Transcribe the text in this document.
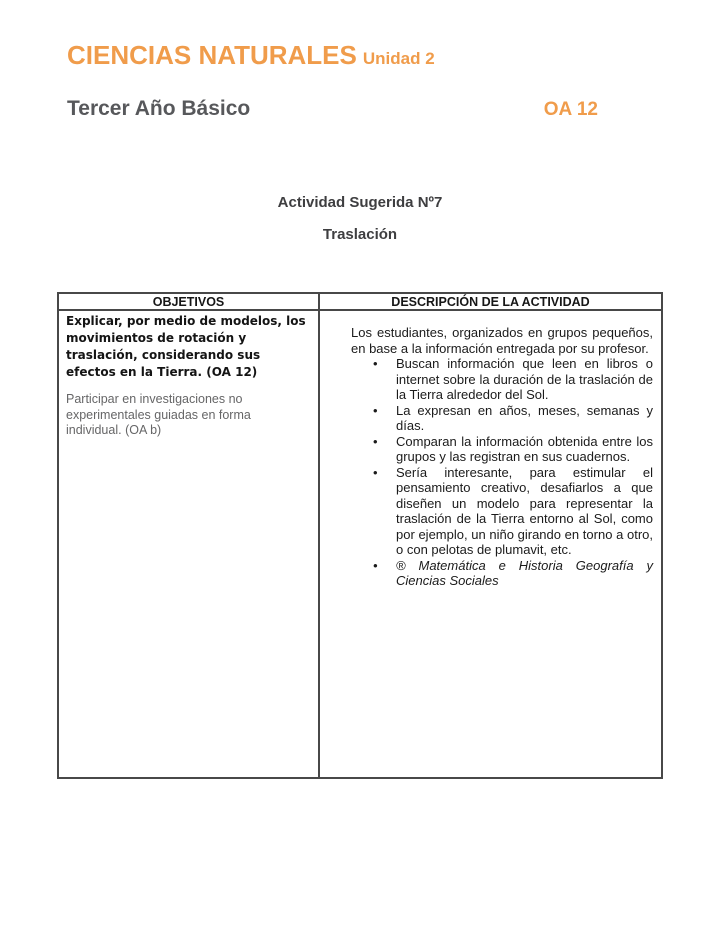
CIENCIAS NATURALES Unidad 2
Tercer Año Básico	OA 12
Actividad Sugerida Nº7
Traslación
OBJETIVOS	DESCRIPCIÓN DE LA ACTIVIDAD

Explicar, por medio de modelos, los movimientos de rotación y traslación, considerando sus efectos en la Tierra. (OA 12)

Participar en investigaciones no experimentales guiadas en forma individual. (OA b)

Los estudiantes, organizados en grupos pequeños, en base a la información entregada por su profesor.

•
Buscan información que leen en libros o internet sobre la duración de la traslación de la Tierra alrededor del Sol.
•
La expresan en años, meses, semanas y días.
•
Comparan la información obtenida entre los grupos y las registran en sus cuadernos.
•
Sería interesante, para estimular el pensamiento creativo, desafiarlos a que diseñen un modelo para representar la traslación de la Tierra entorno al Sol, como por ejemplo, un niño girando en torno a otro, o con pelotas de plumavit, etc.
•
® Matemática e Historia Geografía y Ciencias Sociales
